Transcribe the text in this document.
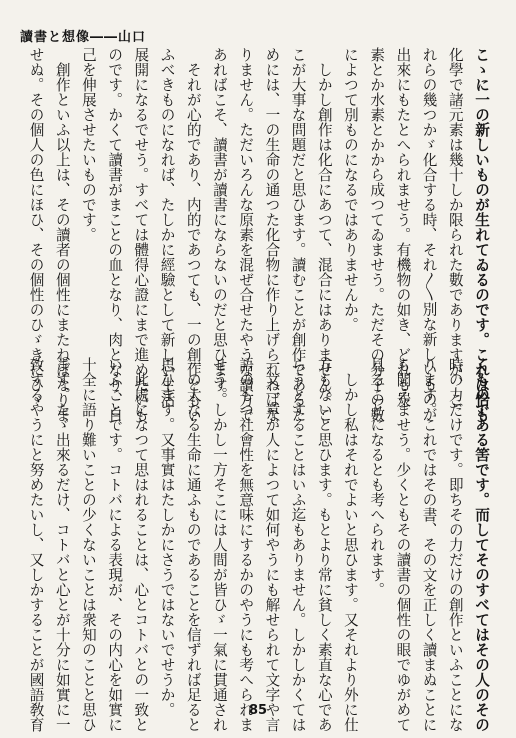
讀書と想像――山口
こゝに一の新しいものが生れてゐるのです。これは恰も
化學で諸元素は幾十しか限られた數でありますが、こ
れらの幾つかゞ化合する時、それ〳〵別な新しいものが
出來にもたとへられませう。有機物の如き、どれも炭
素とか水素とかから成つてゐませう。ただその分子の數
によつて別ものになるではありませんか。
　しかし創作は化合にあつて、混合にはありません。こ
こが大事な問題だと思ひます。讀むことが創作であるた
めには、一の生命の通つた化合物に作り上げられねばな
りません。ただいろんな原素を混ぜ合せたやうな讀方で
あればこそ、讀書が讀書にならないのだと思ひます。
　それが心的であり、内的であつても、一の創作ともい
ふべきものになれば、たしかに經驗として新しい生活
展開になるでせう。すべては體得心證にまで進めたいも
のです。かくて讀書がまことの血となり、肉となり、自
己を伸展させたいものです。
　創作といふ以上は、その讀者の個性にまたねばなりま
せぬ。その個人の色にほひ、その個性のひゞきにひゞ
くものである筈です。而してそのすべてはその人のその
時の力だけです。即ちその力だけの創作といふことにな
ります。これではその書、その文を正しく讀まぬことに
も聞えませう。少くともその讀書の個性の眼でゆがめて
見ることになるとも考へられます。
　しかし私はそれでよいと思ひます。又それより外に仕
方もないと思ひます。もとより常に貧しく素直な心であ
らうとすることはいふ迄もありません。しかしかくては
一文一章が人によつて如何やうにも解せられて文字や言
語のもつ社會性を無意味にするかのやうにも考へられま
せう。しかし一方そこには人間が皆ひゞ一氣に貫通され
一の大なる生命に通ふものであることを信ずれば足ると
思ひます。又事實はたしかにさうではないでせうか。
　此處になつて思はれることは、心とコトバとの一致と
いふことです。コトバによる表現が、その内心を如實に
十全に語り難いことの少くないことは衆知のことと思ひ
ます。たゞ出來るだけ、コトバと心とが十分に如實に一
致するやうにと努めたいし、又しかすることが國語敎育	85
